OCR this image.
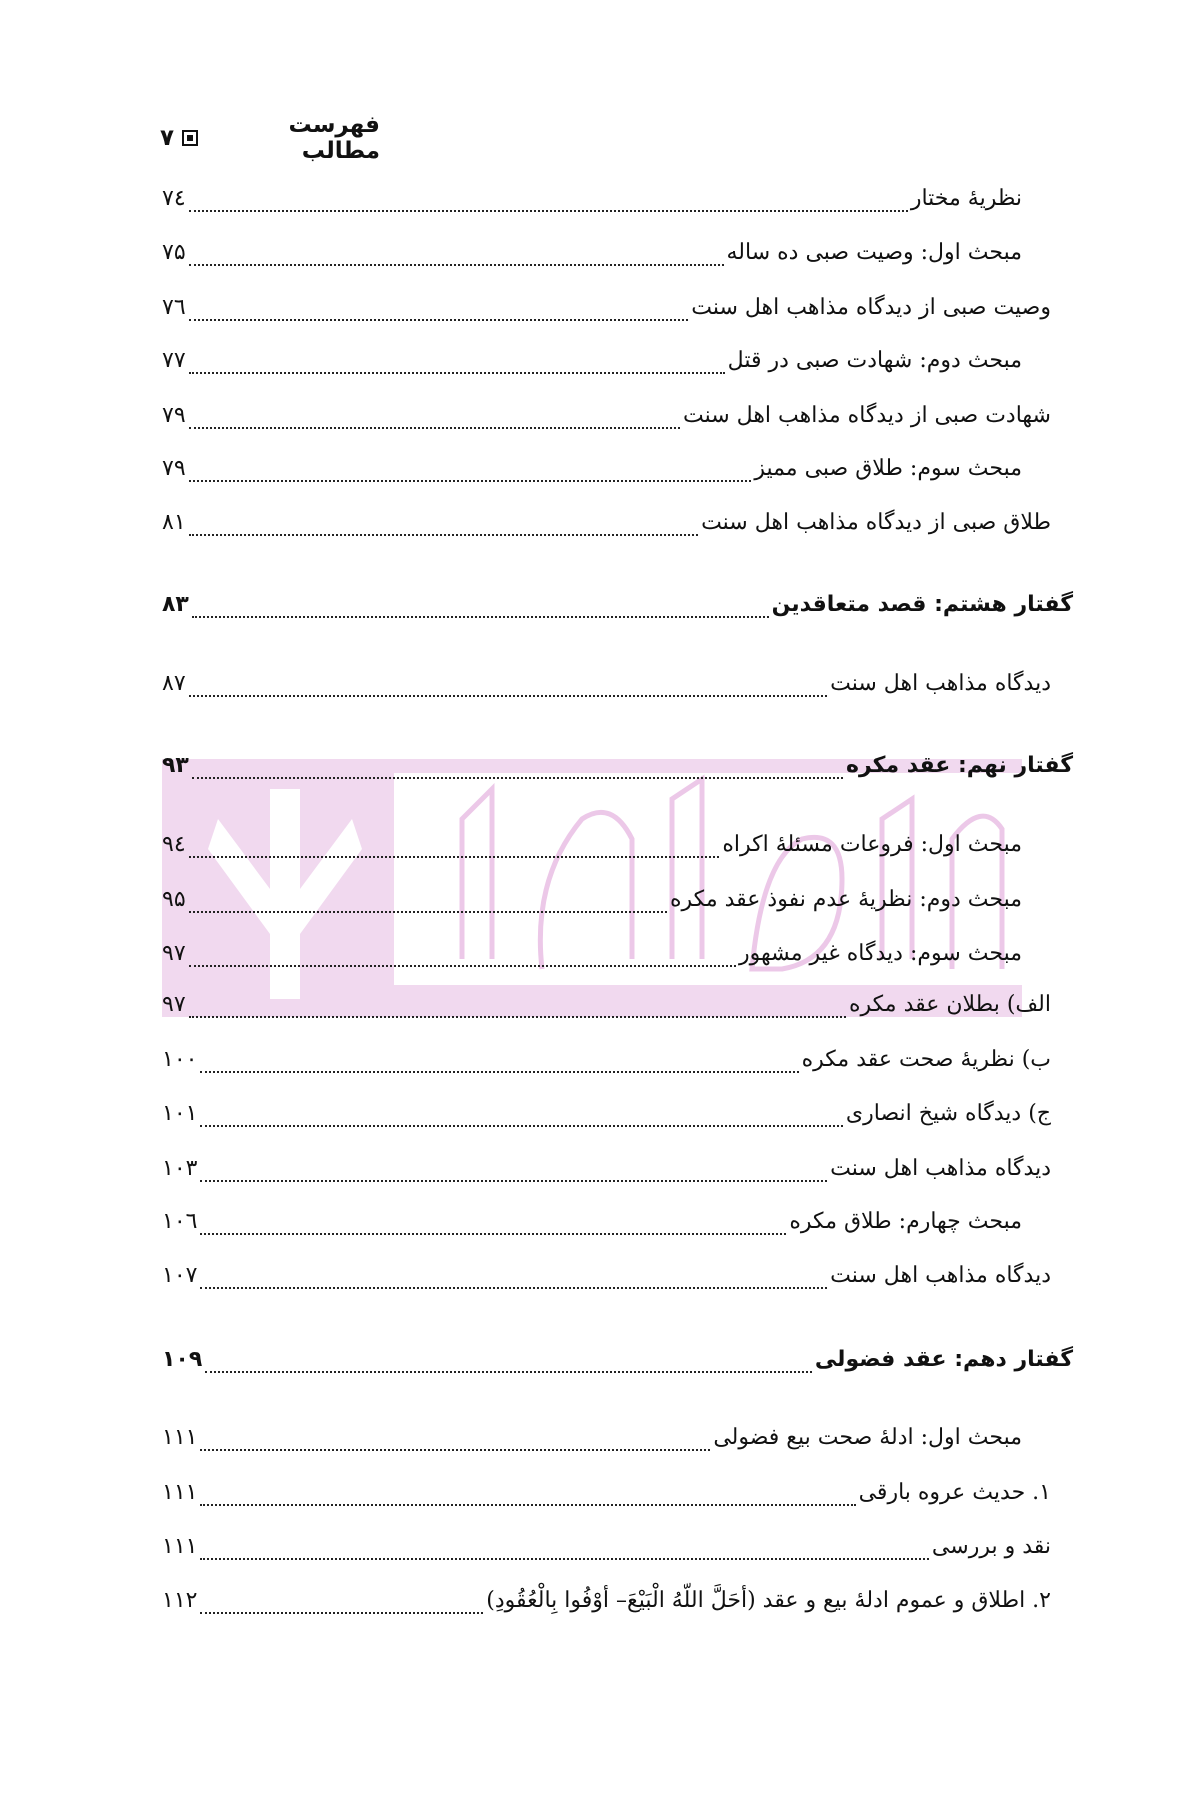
فهرست مطالب
۷
نظریهٔ مختار
۷٤
مبحث اول: وصیت صبی ده ساله
۷۵
وصیت صبی از دیدگاه مذاهب اهل سنت
۷٦
مبحث دوم: شهادت صبی در قتل
۷۷
شهادت صبی از دیدگاه مذاهب اهل سنت
۷۹
مبحث سوم: طلاق صبی ممیز
۷۹
طلاق صبی از دیدگاه مذاهب اهل سنت
۸۱
گفتار هشتم: قصد متعاقدین
۸۳
دیدگاه مذاهب اهل سنت
۸۷
گفتار نهم: عقد مکره
۹۳
مبحث اول: فروعات مسئلهٔ اکراه
۹٤
مبحث دوم: نظریهٔ عدم نفوذ عقد مکره
۹۵
مبحث سوم: دیدگاه غیر مشهور
۹۷
الف) بطلان عقد مکره
۹۷
ب) نظریهٔ صحت عقد مکره
۱۰۰
ج) دیدگاه شیخ انصاری
۱۰۱
دیدگاه مذاهب اهل سنت
۱۰۳
مبحث چهارم: طلاق مکره
۱۰٦
دیدگاه مذاهب اهل سنت
۱۰۷
گفتار دهم: عقد فضولی
۱۰۹
مبحث اول: ادلهٔ صحت بیع فضولی
۱۱۱
۱. حدیث عروه بارقی
۱۱۱
نقد و بررسی
۱۱۱
۲. اطلاق و عموم ادلهٔ بیع و عقد (أحَلَّ اللّهُ الْبَيْعَ– أوْفُوا بِالْعُقُودِ)
۱۱۲
